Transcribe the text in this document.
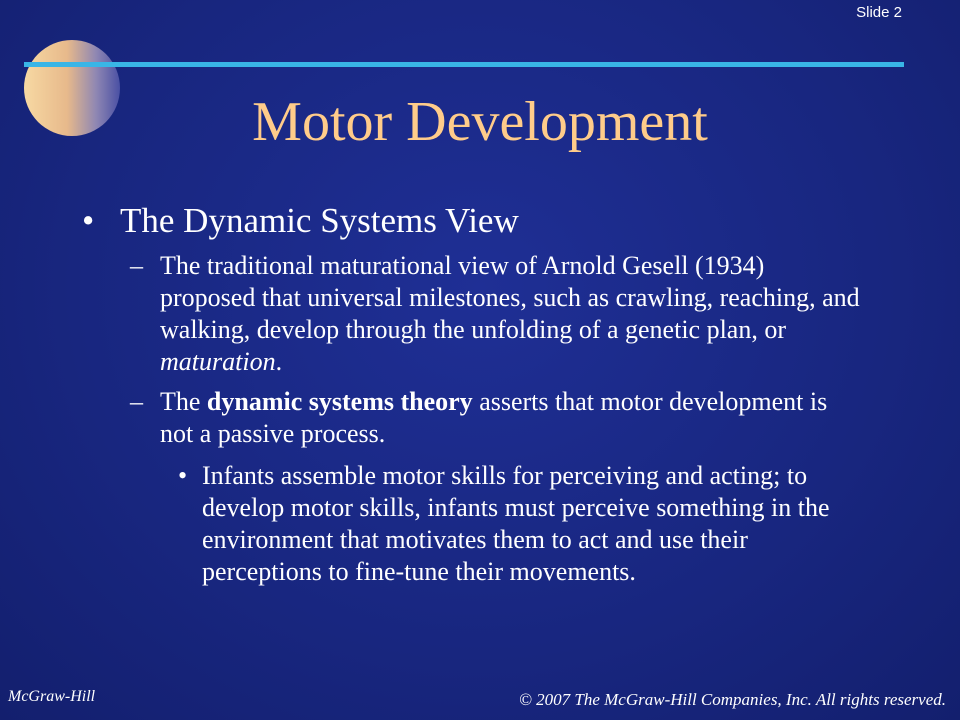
Slide 2
Motor Development
• The Dynamic Systems View
– The traditional maturational view of Arnold Gesell (1934) proposed that universal milestones, such as crawling, reaching, and walking, develop through the unfolding of a genetic plan, or maturation.
– The dynamic systems theory asserts that motor development is not a passive process.
• Infants assemble motor skills for perceiving and acting; to develop motor skills, infants must perceive something in the environment that motivates them to act and use their perceptions to fine-tune their movements.
McGraw-Hill	© 2007 The McGraw-Hill Companies, Inc. All rights reserved.
